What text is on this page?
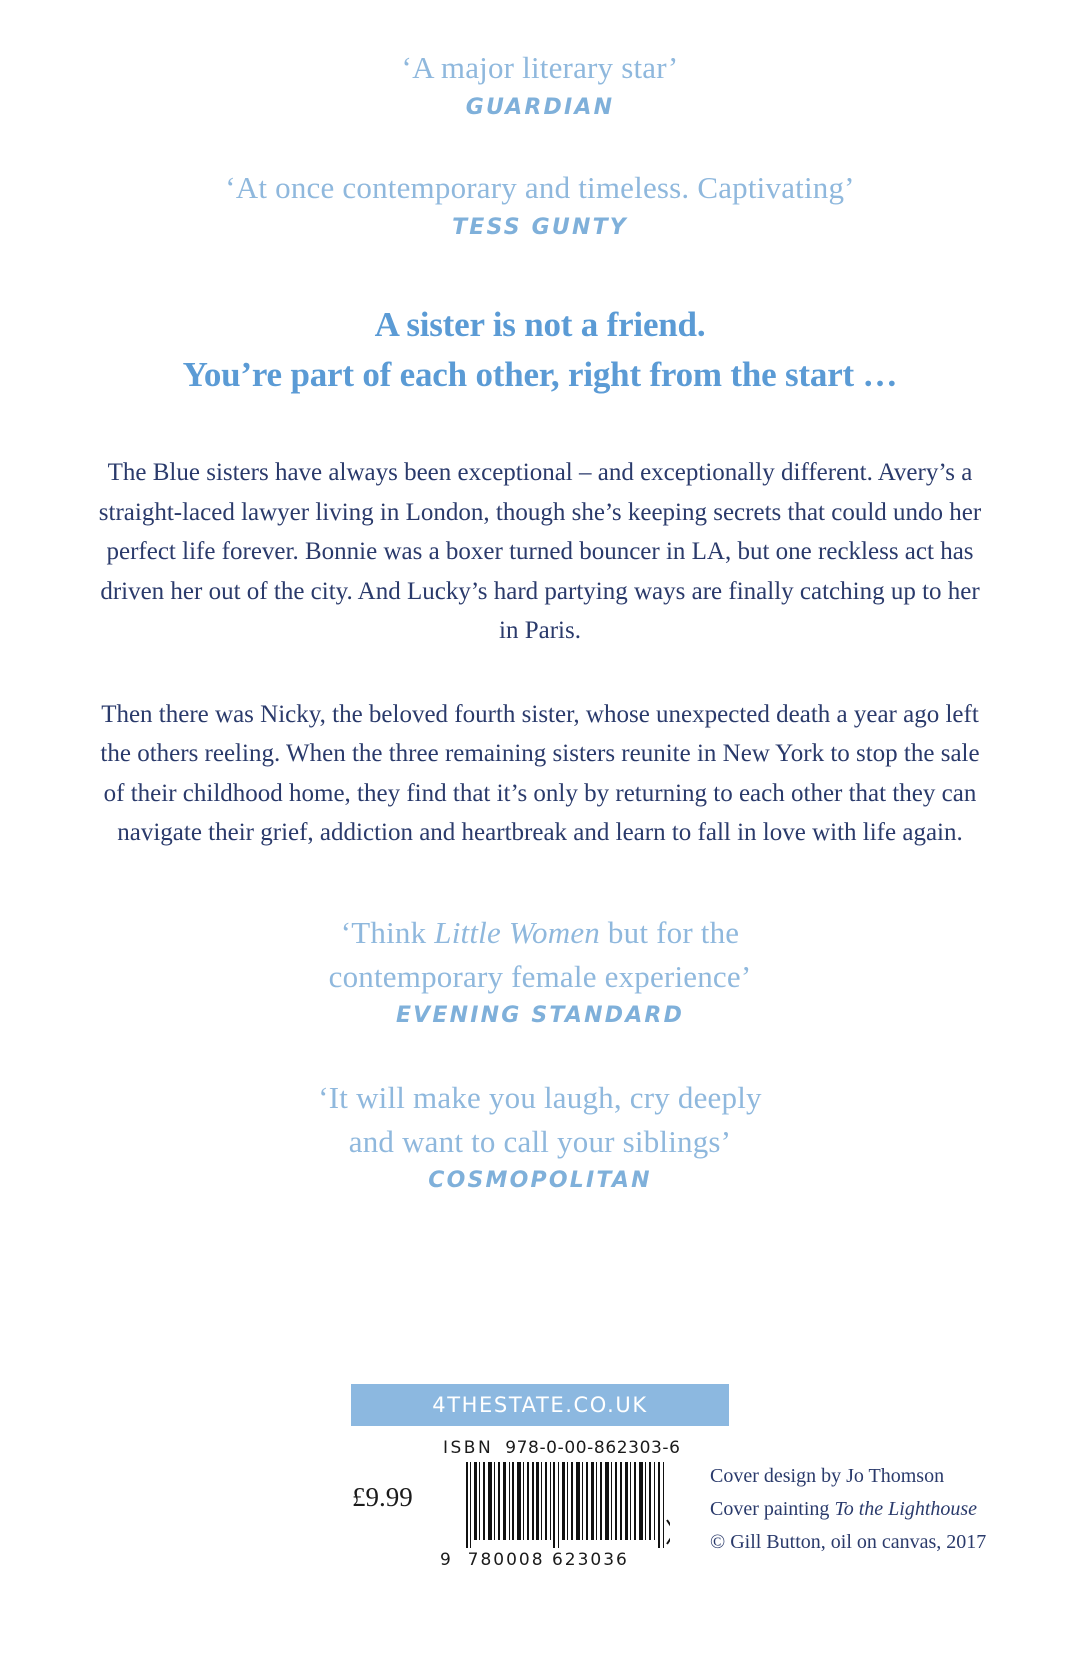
‘A major literary star’
GUARDIAN
‘At once contemporary and timeless. Captivating’
TESS GUNTY
A sister is not a friend.
You’re part of each other, right from the start …

The Blue sisters have always been exceptional – and exceptionally different. Avery’s a straight-laced lawyer living in London, though she’s keeping secrets that could undo her perfect life forever. Bonnie was a boxer turned bouncer in LA, but one reckless act has driven her out of the city. And Lucky’s hard partying ways are finally catching up to her in Paris.

Then there was Nicky, the beloved fourth sister, whose unexpected death a year ago left the others reeling. When the three remaining sisters reunite in New York to stop the sale of their childhood home, they find that it’s only by returning to each other that they can navigate their grief, addiction and heartbreak and learn to fall in love with life again.

‘Think Little Women but for the
contemporary female experience’
EVENING STANDARD
‘It will make you laugh, cry deeply
and want to call your siblings’
COSMOPOLITAN
4THESTATE.CO.UK
ISBN 978-0-00-862303-6
£9.99
9 780008 623036
Cover design by Jo Thomson
Cover painting To the Lighthouse
© Gill Button, oil on canvas, 2017
